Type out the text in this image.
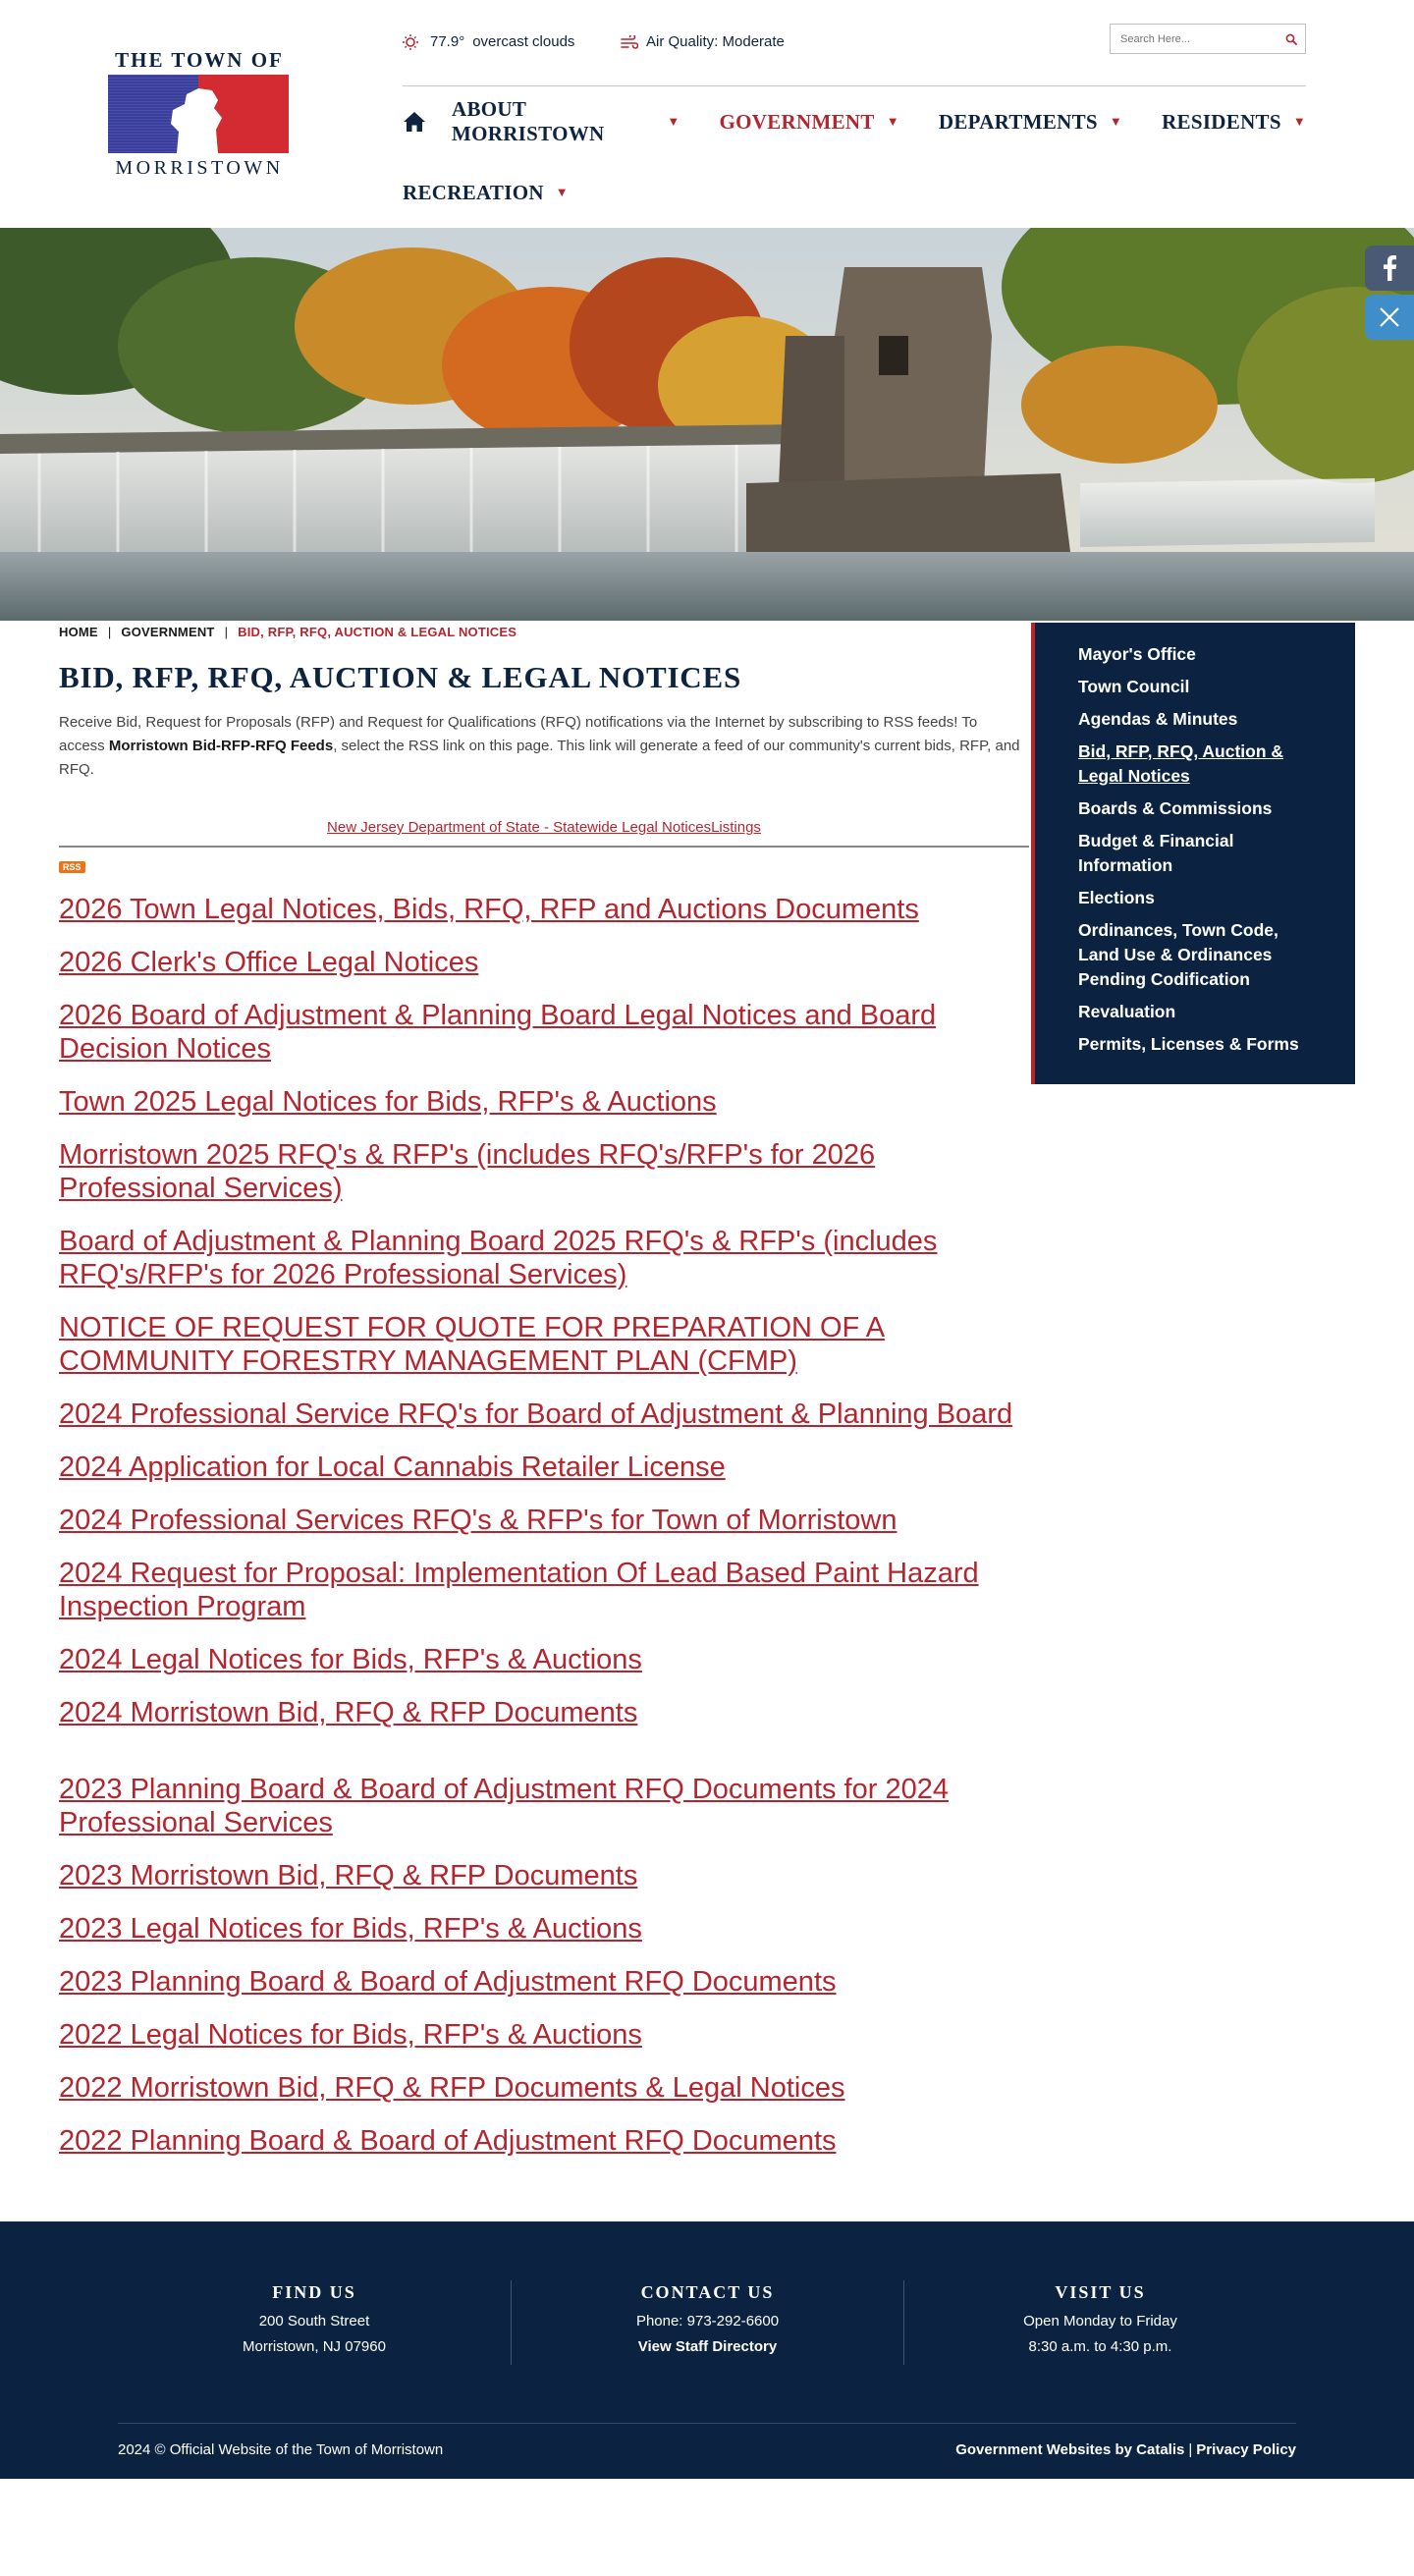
THE TOWN OF
MORRISTOWN
77.9° overcast clouds	Air Quality: Moderate
Search Here...
ABOUT MORRISTOWN
▼ GOVERNMENT ▼ DEPARTMENTS ▼ RESIDENTS ▼
RECREATION ▼
HOME | GOVERNMENT | BID, RFP, RFQ, AUCTION & LEGAL NOTICES
BID, RFP, RFQ, AUCTION & LEGAL NOTICES

Receive Bid, Request for Proposals (RFP) and Request for Qualifications (RFQ) notifications via the Internet by subscribing to RSS feeds! To access Morristown Bid-RFP-RFQ Feeds, select the RSS link on this page. This link will generate a feed of our community's current bids, RFP, and RFQ.

New Jersey Department of State - Statewide Legal NoticesListings
RSS
2026 Town Legal Notices, Bids, RFQ, RFP and Auctions Documents
2026 Clerk's Office Legal Notices
2026 Board of Adjustment & Planning Board Legal Notices and Board Decision Notices
Town 2025 Legal Notices for Bids, RFP's & Auctions
Morristown 2025 RFQ's & RFP's (includes RFQ's/RFP's for 2026 Professional Services)
Board of Adjustment & Planning Board 2025 RFQ's & RFP's (includes RFQ's/RFP's for 2026 Professional Services)
NOTICE OF REQUEST FOR QUOTE FOR PREPARATION OF A COMMUNITY FORESTRY MANAGEMENT PLAN (CFMP)
2024 Professional Service RFQ's for Board of Adjustment & Planning Board
2024 Application for Local Cannabis Retailer License
2024 Professional Services RFQ's & RFP's for Town of Morristown
2024 Request for Proposal: Implementation Of Lead Based Paint Hazard Inspection Program
2024 Legal Notices for Bids, RFP's & Auctions
2024 Morristown Bid, RFQ & RFP Documents
2023 Planning Board & Board of Adjustment RFQ Documents for 2024 Professional Services
2023 Morristown Bid, RFQ & RFP Documents
2023 Legal Notices for Bids, RFP's & Auctions
2023 Planning Board & Board of Adjustment RFQ Documents
2022 Legal Notices for Bids, RFP's & Auctions
2022 Morristown Bid, RFQ & RFP Documents & Legal Notices
2022 Planning Board & Board of Adjustment RFQ Documents
Mayor's Office
Town Council
Agendas & Minutes
Bid, RFP, RFQ, Auction & Legal Notices
Boards & Commissions
Budget & Financial Information
Elections
Ordinances, Town Code, Land Use & Ordinances Pending Codification
Revaluation
Permits, Licenses & Forms
FIND US

200 South Street

Morristown, NJ 07960

CONTACT US

Phone: 973-292-6600

View Staff Directory

VISIT US

Open Monday to Friday

8:30 a.m. to 4:30 p.m.

2024 © Official Website of the Town of Morristown	Government Websites by Catalis | Privacy Policy
